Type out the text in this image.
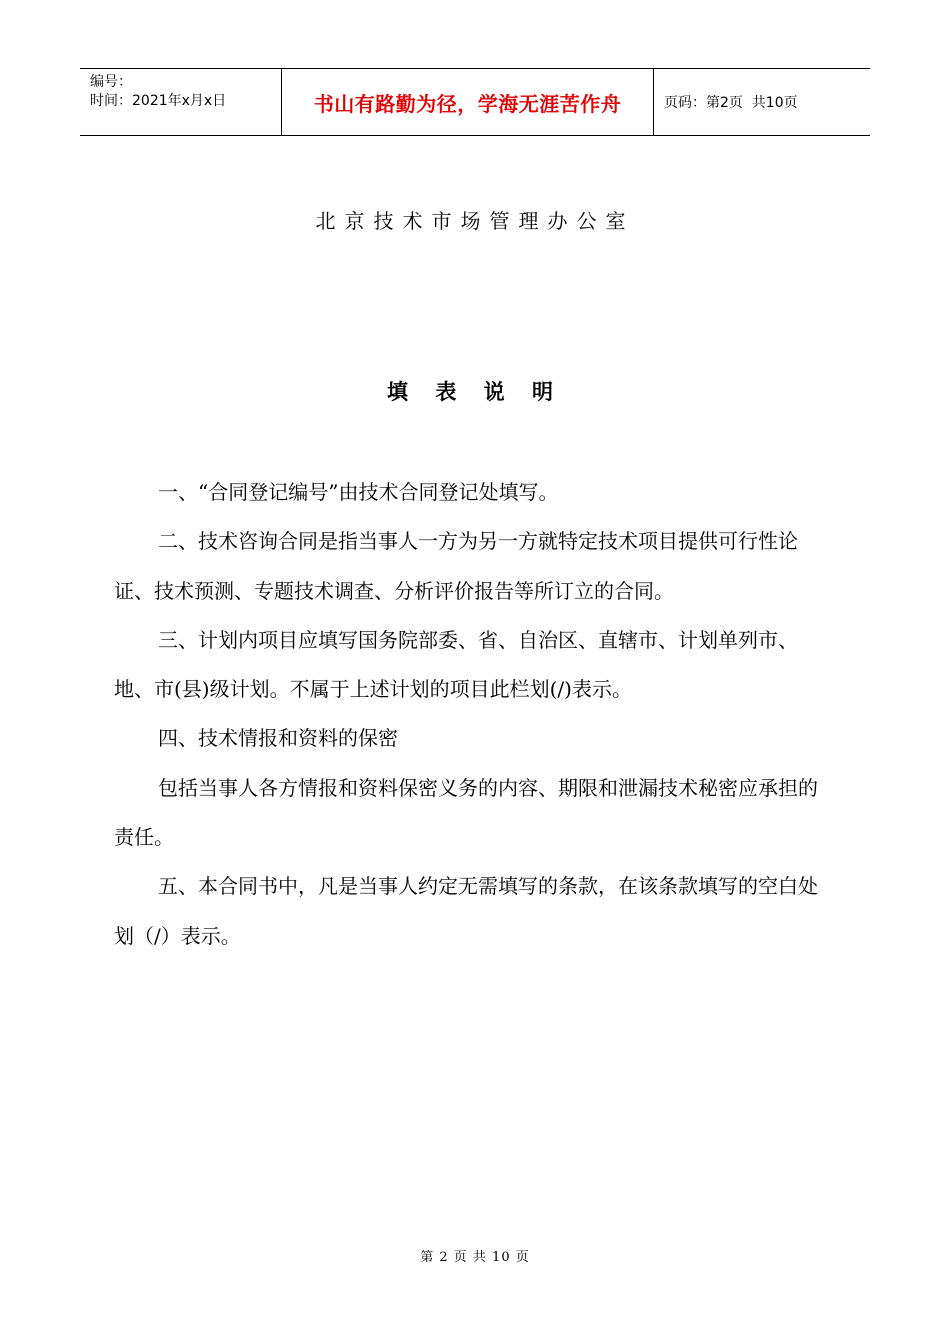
编号：
时间：2021年x月x日	书山有路勤为径，学海无涯苦作舟	页码：第2页  共10页
北京技术市场管理办公室
填 表 说 明

一、“合同登记编号”由技术合同登记处填写。

二、技术咨询合同是指当事人一方为另一方就特定技术项目提供可行性论证、技术预测、专题技术调查、分析评价报告等所订立的合同。

三、计划内项目应填写国务院部委、省、自治区、直辖市、计划单列市、地、市(县)级计划。不属于上述计划的项目此栏划(/)表示。

四、技术情报和资料的保密

包括当事人各方情报和资料保密义务的内容、期限和泄漏技术秘密应承担的责任。

五、本合同书中，凡是当事人约定无需填写的条款，在该条款填写的空白处划（/）表示。

第 2 页 共 10 页
